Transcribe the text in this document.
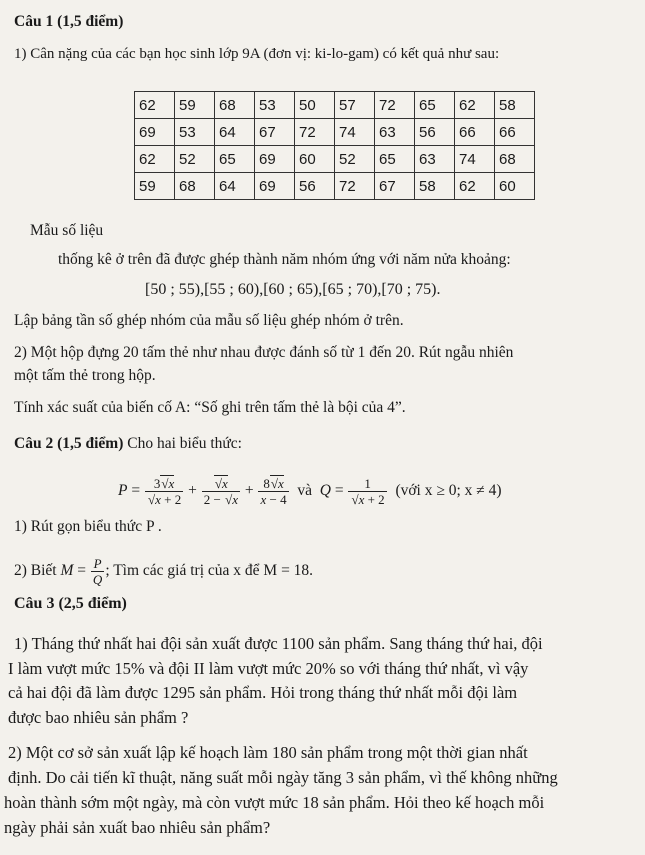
Câu 1 (1,5 điểm)
1) Cân nặng của các bạn học sinh lớp 9A (đơn vị: ki-lo-gam) có kết quả như sau:
62	59	68	53	50	57	72	65	62	58
69	53	64	67	72	74	63	56	66	66
62	52	65	69	60	52	65	63	74	68
59	68	64	69	56	72	67	58	62	60
Mẫu số liệu
thống kê ở trên đã được ghép thành năm nhóm ứng với năm nửa khoảng:
[50 ; 55),[55 ; 60),[60 ; 65),[65 ; 70),[70 ; 75).
Lập bảng tần số ghép nhóm của mẫu số liệu ghép nhóm ở trên.
2) Một hộp đựng 20 tấm thẻ như nhau được đánh số từ 1 đến 20. Rút ngẫu nhiên
một tấm thẻ trong hộp.
Tính xác suất của biến cố A: “Số ghi trên tấm thẻ là bội của 4”.
Câu 2 (1,5 điểm) Cho hai biểu thức:
$P = \frac{3√x}{√x + 2} + \frac{√x}{2 - √x} + \frac{8√x}{x - 4}$ và $Q = \frac{1}{√x + 2}$ (với x ≥ 0; x ≠ 4)
1) Rút gọn biểu thức P .
2) Biết $M = \frac{P}{Q}$ ; Tìm các giá trị của x để M = 18.
Câu 3 (2,5 điểm)
1) Tháng thứ nhất hai đội sản xuất được 1100 sản phẩm. Sang tháng thứ hai, đội
I làm vượt mức 15% và đội II làm vượt mức 20% so với tháng thứ nhất, vì vậy
cả hai đội đã làm được 1295 sản phẩm. Hỏi trong tháng thứ nhất mỗi đội làm
được bao nhiêu sản phẩm ?
2) Một cơ sở sản xuất lập kế hoạch làm 180 sản phẩm trong một thời gian nhất
định. Do cải tiến kĩ thuật, năng suất mỗi ngày tăng 3 sản phẩm, vì thế không những
hoàn thành sớm một ngày, mà còn vượt mức 18 sản phẩm. Hỏi theo kế hoạch mỗi
ngày phải sản xuất bao nhiêu sản phẩm?
